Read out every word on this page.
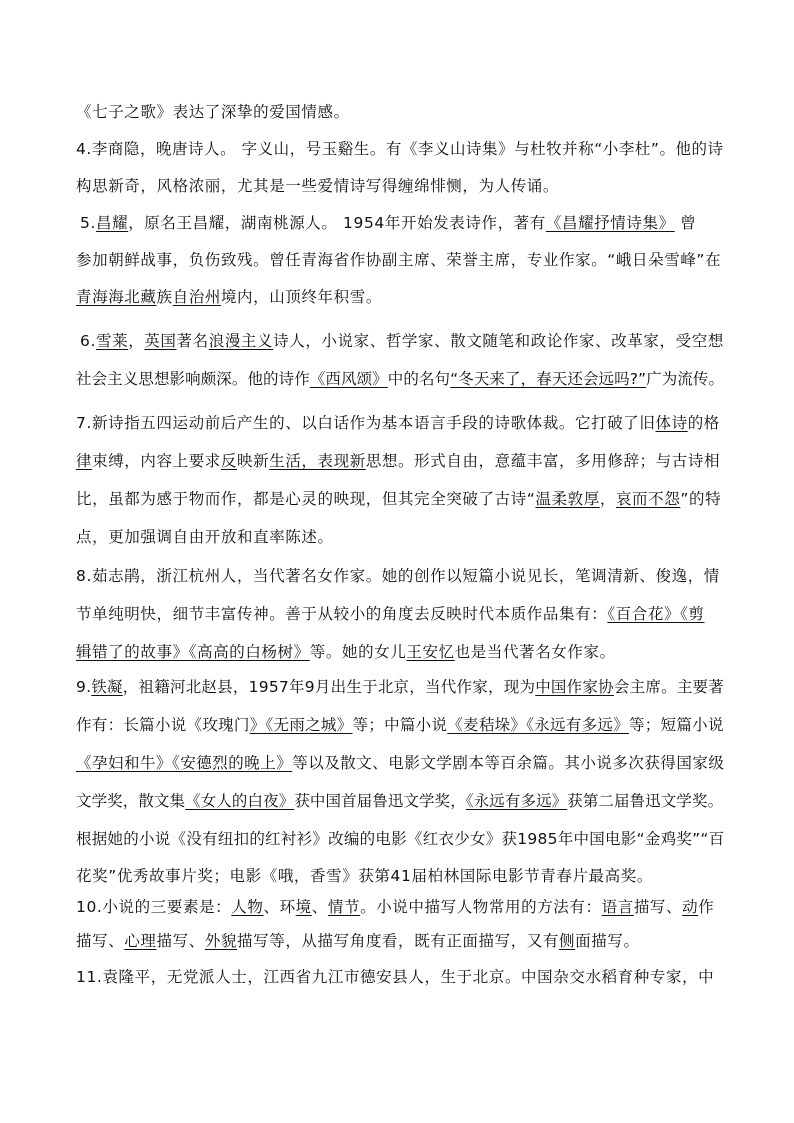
《七子之歌》表达了深挚的爱国情感。
4.李商隐，晚唐诗人。 字义山，号玉谿生。有《李义山诗集》与杜牧并称“小李杜”。他的诗
构思新奇，风格浓丽，尤其是一些爱情诗写得缠绵悱恻，为人传诵。
5.昌耀，原名王昌耀，湖南桃源人。 1954年开始发表诗作，著有《昌耀抒情诗集》 曾
参加朝鲜战事，负伤致残。曾任青海省作协副主席、荣誉主席，专业作家。“峨日朵雪峰”在
青海海北藏族自治州境内，山顶终年积雪。
6.雪莱，英国著名浪漫主义诗人，小说家、哲学家、散文随笔和政论作家、改革家，受空想
社会主义思想影响颇深。他的诗作《西风颂》中的名句“冬天来了，春天还会远吗?”广为流传。
7.新诗指五四运动前后产生的、以白话作为基本语言手段的诗歌体裁。它打破了旧体诗的格
律束缚，内容上要求反映新生活，表现新思想。形式自由，意蕴丰富，多用修辞；与古诗相
比，虽都为感于物而作，都是心灵的映现，但其完全突破了古诗“温柔敦厚，哀而不怨”的特
点，更加强调自由开放和直率陈述。
8.茹志鹃，浙江杭州人，当代著名女作家。她的创作以短篇小说见长，笔调清新、俊逸，情
节单纯明快，细节丰富传神。善于从较小的角度去反映时代本质作品集有：《百合花》《剪
辑错了的故事》《高高的白杨树》等。她的女儿王安忆也是当代著名女作家。
9.铁凝，祖籍河北赵县，1957年9月出生于北京，当代作家，现为中国作家协会主席。主要著
作有：长篇小说《玫瑰门》《无雨之城》等；中篇小说《麦秸垛》《永远有多远》等；短篇小说
《孕妇和牛》《安德烈的晚上》等以及散文、电影文学剧本等百余篇。其小说多次获得国家级
文学奖，散文集《女人的白夜》获中国首届鲁迅文学奖，《永远有多远》获第二届鲁迅文学奖。
根据她的小说《没有纽扣的红衬衫》改编的电影《红衣少女》获1985年中国电影“金鸡奖”“百
花奖”优秀故事片奖；电影《哦，香雪》获第41届柏林国际电影节青春片最高奖。
10.小说的三要素是：人物、环境、情节。小说中描写人物常用的方法有：语言描写、动作
描写、心理描写、外貌描写等，从描写角度看，既有正面描写，又有侧面描写。
11.袁隆平，无党派人士，江西省九江市德安县人，生于北京。中国杂交水稻育种专家，中
